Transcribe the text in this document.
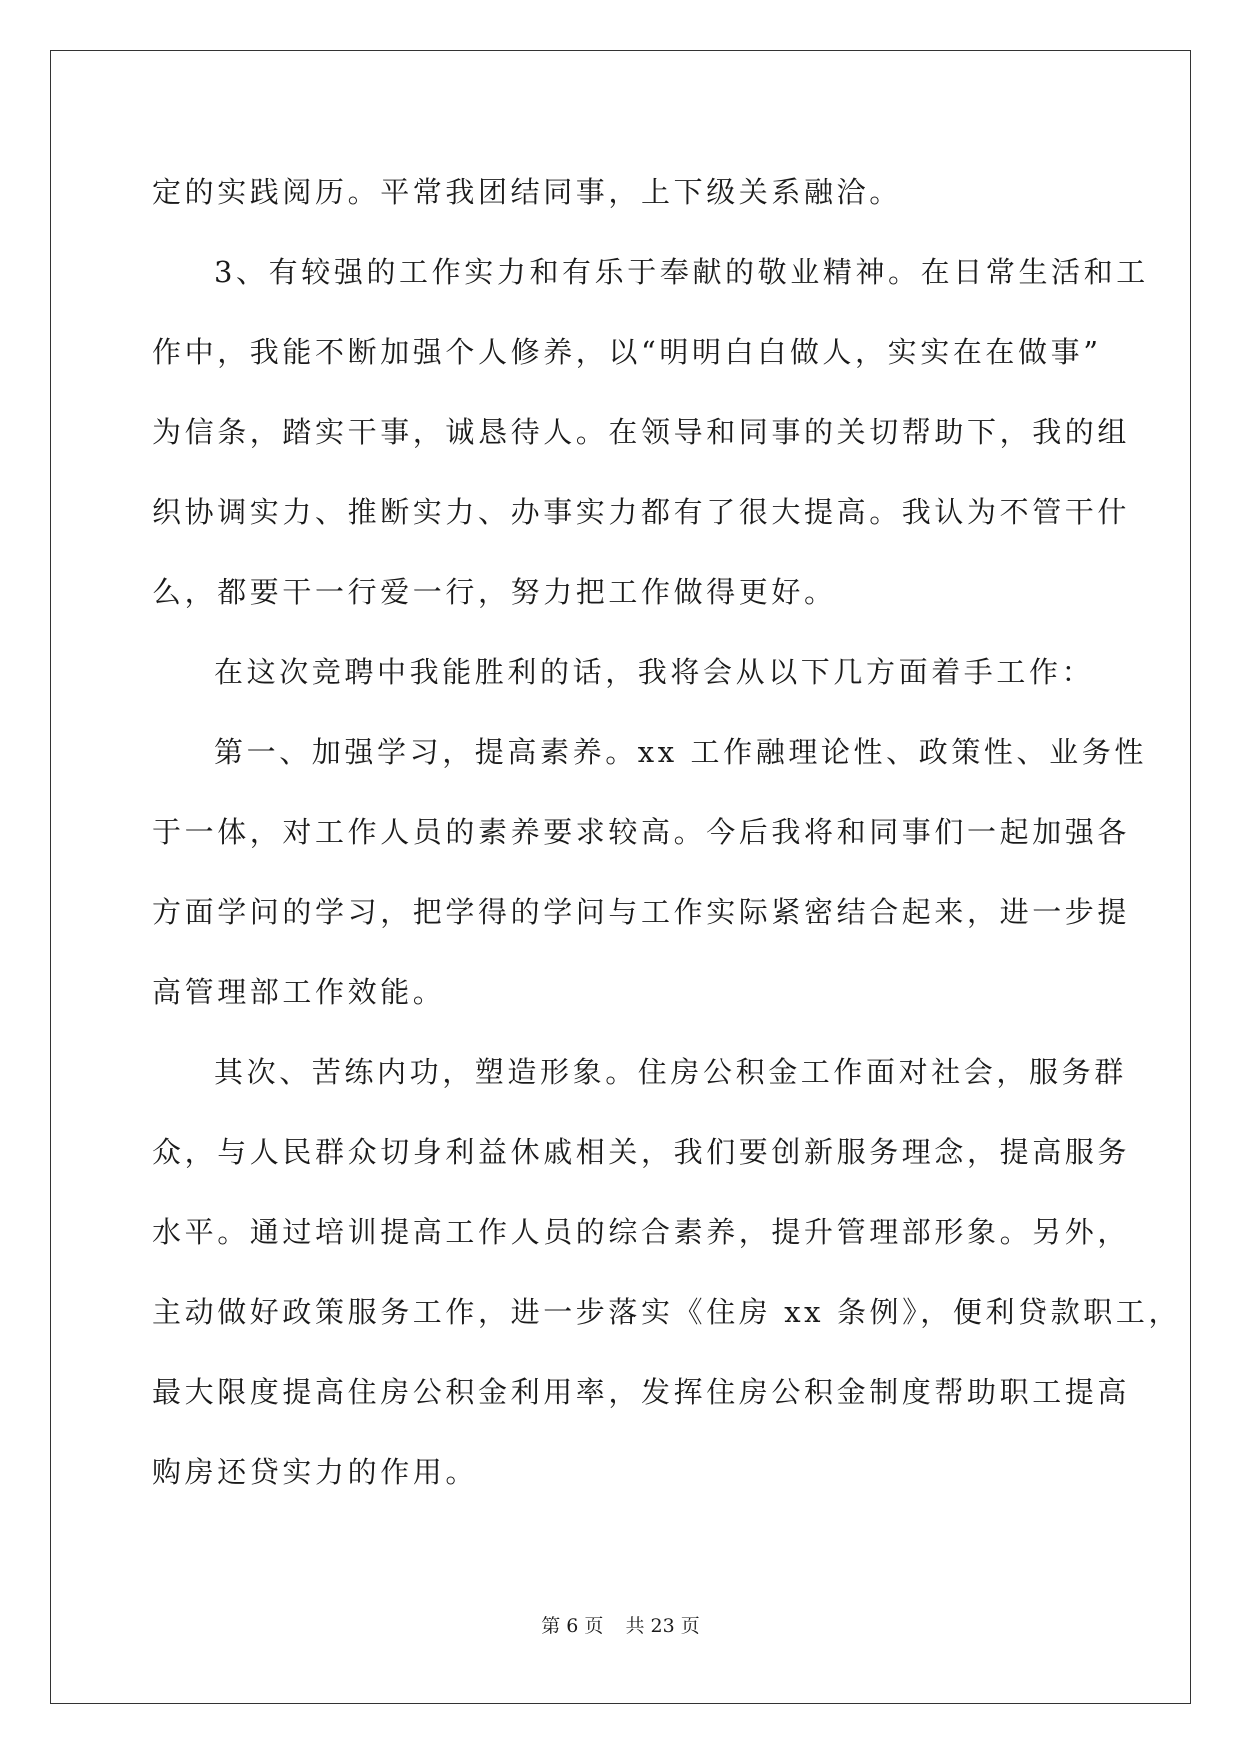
定的实践阅历。平常我团结同事，上下级关系融洽。
3、有较强的工作实力和有乐于奉献的敬业精神。在日常生活和工
作中，我能不断加强个人修养，以“明明白白做人，实实在在做事”
为信条，踏实干事，诚恳待人。在领导和同事的关切帮助下，我的组
织协调实力、推断实力、办事实力都有了很大提高。我认为不管干什
么，都要干一行爱一行，努力把工作做得更好。
在这次竞聘中我能胜利的话，我将会从以下几方面着手工作：
第一、加强学习，提高素养。xx 工作融理论性、政策性、业务性
于一体，对工作人员的素养要求较高。今后我将和同事们一起加强各
方面学问的学习，把学得的学问与工作实际紧密结合起来，进一步提
高管理部工作效能。
其次、苦练内功，塑造形象。住房公积金工作面对社会，服务群
众，与人民群众切身利益休戚相关，我们要创新服务理念，提高服务
水平。通过培训提高工作人员的综合素养，提升管理部形象。另外，
主动做好政策服务工作，进一步落实《住房 xx 条例》，便利贷款职工，
最大限度提高住房公积金利用率，发挥住房公积金制度帮助职工提高
购房还贷实力的作用。
第 6 页 共 23 页
